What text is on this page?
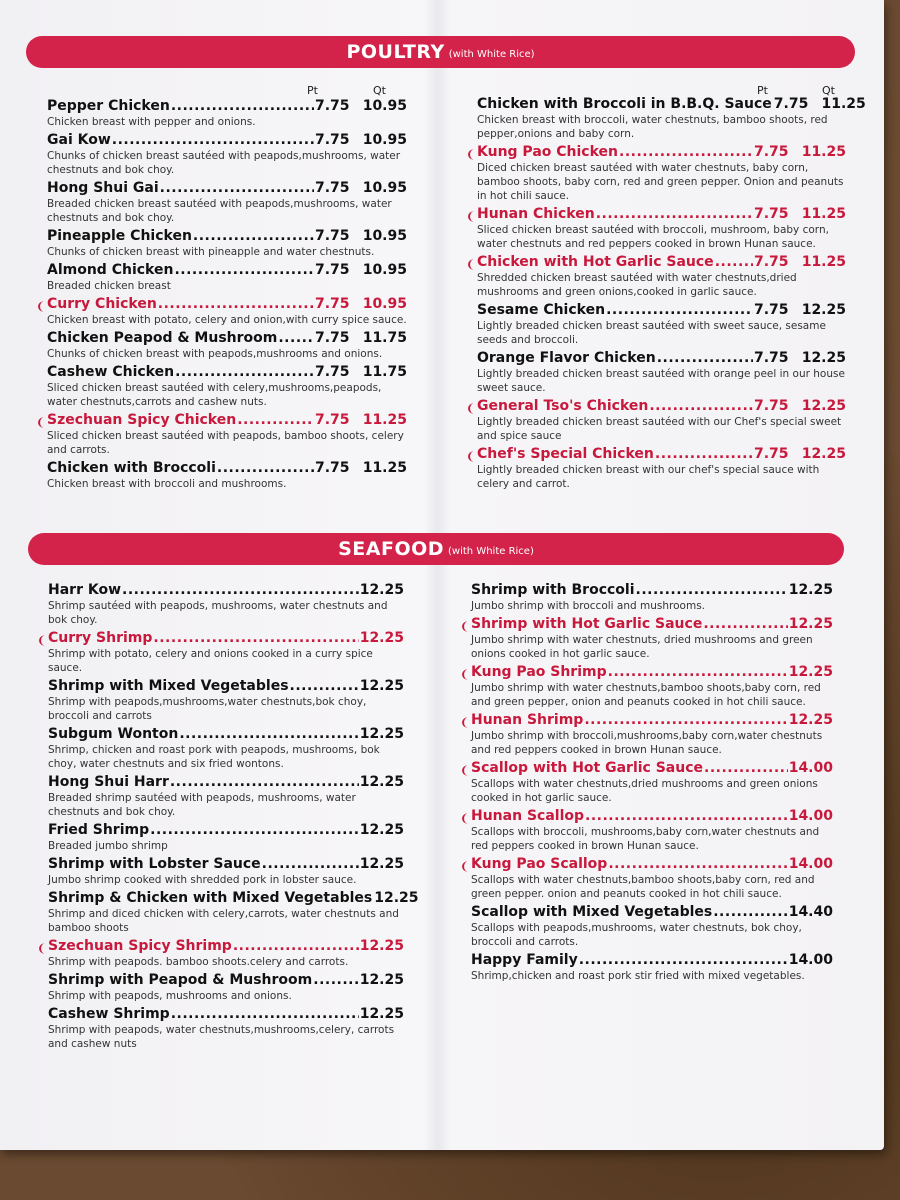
POULTRY (with White Rice)
Pt	Qt	Pt	Qt
Pepper Chicken .....	7.75 10.95
Chicken breast with pepper and onions.
Gai Kow .....	7.75 10.95
Chunks of chicken breast sautéed with peapods,mushrooms, water chestnuts and bok choy.
Hong Shui Gai .....	7.75 10.95
Breaded chicken breast sautéed with peapods,mushrooms, water chestnuts and bok choy.
Pineapple Chicken .....	7.75 10.95
Chunks of chicken breast with pineapple and water chestnuts.
Almond Chicken .....	7.75 10.95
Breaded chicken breast
❨ Curry Chicken .....	7.75 10.95
Chicken breast with potato, celery and onion,with curry spice sauce.
Chicken Peapod & Mushroom .....	7.75 11.75
Chunks of chicken breast with peapods,mushrooms and onions.
Cashew Chicken .....	7.75 11.75
Sliced chicken breast sautéed with celery,mushrooms,peapods, water chestnuts,carrots and cashew nuts.
❨ Szechuan Spicy Chicken .....	7.75 11.25
Sliced chicken breast sautéed with peapods, bamboo shoots, celery and carrots.
Chicken with Broccoli .....	7.75 11.25
Chicken breast with broccoli and mushrooms.
Chicken with Broccoli in B.B.Q. Sauce 7.75 11.25
Chicken breast with broccoli, water chestnuts, bamboo shoots, red pepper,onions and baby corn.
❨ Kung Pao Chicken .....	7.75 11.25
Diced chicken breast sautéed with water chestnuts, baby corn, bamboo shoots, baby corn, red and green pepper. Onion and peanuts in hot chili sauce.
❨ Hunan Chicken .....	7.75 11.25
Sliced chicken breast sautéed with broccoli, mushroom, baby corn, water chestnuts and red peppers cooked in brown Hunan sauce.
❨ Chicken with Hot Garlic Sauce .....	7.75 11.25
Shredded chicken breast sautéed with water chestnuts,dried mushrooms and green onions,cooked in garlic sauce.
Sesame Chicken .....	7.75 12.25
Lightly breaded chicken breast sautéed with sweet sauce, sesame seeds and broccoli.
Orange Flavor Chicken .....	7.75 12.25
Lightly breaded chicken breast sautéed with orange peel in our house sweet sauce.
❨ General Tso's Chicken .....	7.75 12.25
Lightly breaded chicken breast sautéed with our Chef's special sweet and spice sauce
❨ Chef's Special Chicken .....	7.75 12.25
Lightly breaded chicken breast with our chef's special sauce with celery and carrot.
SEAFOOD (with White Rice)
Harr Kow .....	12.25
Shrimp sautéed with peapods, mushrooms, water chestnuts and bok choy.
❨ Curry Shrimp .....	12.25
Shrimp with potato, celery and onions cooked in a curry spice sauce.
Shrimp with Mixed Vegetables .....	12.25
Shrimp with peapods,mushrooms,water chestnuts,bok choy, broccoli and carrots
Subgum Wonton .....	12.25
Shrimp, chicken and roast pork with peapods, mushrooms, bok choy, water chestnuts and six fried wontons.
Hong Shui Harr .....	12.25
Breaded shrimp sautéed with peapods, mushrooms, water chestnuts and bok choy.
Fried Shrimp .....	12.25
Breaded jumbo shrimp
Shrimp with Lobster Sauce .....	12.25
Jumbo shrimp cooked with shredded pork in lobster sauce.
Shrimp & Chicken with Mixed Vegetables 12.25
Shrimp and diced chicken with celery,carrots, water chestnuts and bamboo shoots
❨ Szechuan Spicy Shrimp .....	12.25
Shrimp with peapods. bamboo shoots.celery and carrots.
Shrimp with Peapod & Mushroom .....	12.25
Shrimp with peapods, mushrooms and onions.
Cashew Shrimp .....	12.25
Shrimp with peapods, water chestnuts,mushrooms,celery, carrots and cashew nuts
Shrimp with Broccoli .....	12.25
Jumbo shrimp with broccoli and mushrooms.
❨ Shrimp with Hot Garlic Sauce .....	12.25
Jumbo shrimp with water chestnuts, dried mushrooms and green onions cooked in hot garlic sauce.
❨ Kung Pao Shrimp .....	12.25
Jumbo shrimp with water chestnuts,bamboo shoots,baby corn, red and green pepper, onion and peanuts cooked in hot chili sauce.
❨ Hunan Shrimp .....	12.25
Jumbo shrimp with broccoli,mushrooms,baby corn,water chestnuts and red peppers cooked in brown Hunan sauce.
❨ Scallop with Hot Garlic Sauce .....	14.00
Scallops with water chestnuts,dried mushrooms and green onions cooked in hot garlic sauce.
❨ Hunan Scallop .....	14.00
Scallops with broccoli, mushrooms,baby corn,water chestnuts and red peppers cooked in brown Hunan sauce.
❨ Kung Pao Scallop .....	14.00
Scallops with water chestnuts,bamboo shoots,baby corn, red and green pepper. onion and peanuts cooked in hot chili sauce.
Scallop with Mixed Vegetables .....	14.40
Scallops with peapods,mushrooms, water chestnuts, bok choy, broccoli and carrots.
Happy Family .....	14.00
Shrimp,chicken and roast pork stir fried with mixed vegetables.
